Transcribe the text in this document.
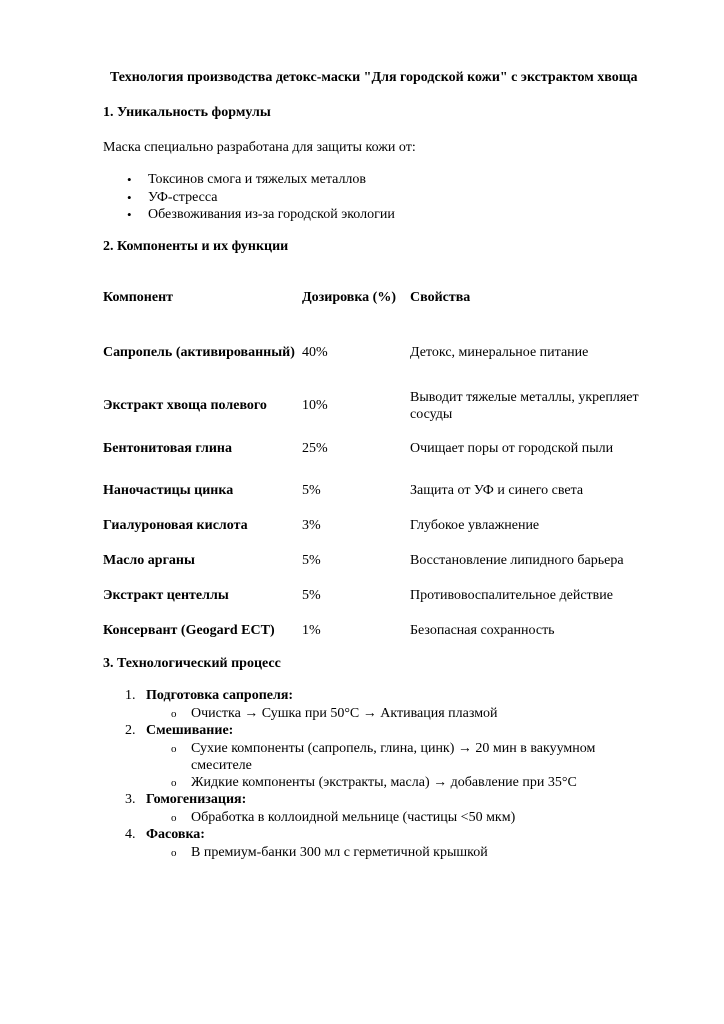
Технология производства детокс-маски "Для городской кожи" с экстрактом хвоща
1. Уникальность формулы
Маска специально разработана для защиты кожи от:
• Токсинов смога и тяжелых металлов
• УФ-стресса
• Обезвоживания из-за городской экологии
2. Компоненты и их функции
Компонент	Дозировка (%)	Свойства
Сапропель (активированный)	40%	Детокс, минеральное питание
Экстракт хвоща полевого	10%	Выводит тяжелые металлы, укрепляет сосуды
Бентонитовая глина	25%	Очищает поры от городской пыли
Наночастицы цинка	5%	Защита от УФ и синего света
Гиалуроновая кислота	3%	Глубокое увлажнение
Масло арганы	5%	Восстановление липидного барьера
Экстракт центеллы	5%	Противовоспалительное действие
Консервант (Geogard ECT)	1%	Безопасная сохранность
3. Технологический процесс
1. Подготовка сапропеля:
o Очистка → Сушка при 50°C → Активация плазмой
2. Смешивание:
o Сухие компоненты (сапропель, глина, цинк) → 20 мин в вакуумном смесителе
o Жидкие компоненты (экстракты, масла) → добавление при 35°C
3. Гомогенизация:
o Обработка в коллоидной мельнице (частицы <50 мкм)
4. Фасовка:
o В премиум-банки 300 мл с герметичной крышкой
